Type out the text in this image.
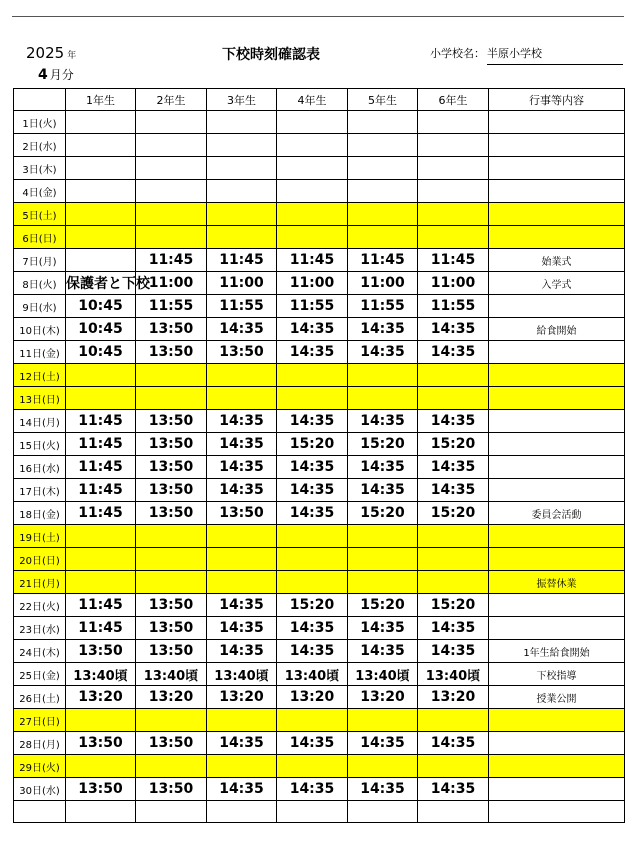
2025 年
4 月分
下校時刻確認表	小学校名： 半原小学校
	1年生	2年生	3年生	4年生	5年生	6年生	行事等内容
1日(火)							
2日(水)							
3日(木)							
4日(金)							
5日(土)							
6日(日)							
7日(月)		11:45	11:45	11:45	11:45	11:45	始業式
8日(火)	保護者と下校	11:00	11:00	11:00	11:00	11:00	入学式
9日(水)	10:45	11:55	11:55	11:55	11:55	11:55	
10日(木)	10:45	13:50	14:35	14:35	14:35	14:35	給食開始
11日(金)	10:45	13:50	13:50	14:35	14:35	14:35	
12日(土)							
13日(日)							
14日(月)	11:45	13:50	14:35	14:35	14:35	14:35	
15日(火)	11:45	13:50	14:35	15:20	15:20	15:20	
16日(水)	11:45	13:50	14:35	14:35	14:35	14:35	
17日(木)	11:45	13:50	14:35	14:35	14:35	14:35	
18日(金)	11:45	13:50	13:50	14:35	15:20	15:20	委員会活動
19日(土)							
20日(日)							
21日(月)							振替休業
22日(火)	11:45	13:50	14:35	15:20	15:20	15:20	
23日(水)	11:45	13:50	14:35	14:35	14:35	14:35	
24日(木)	13:50	13:50	14:35	14:35	14:35	14:35	1年生給食開始
25日(金)	13:40頃	13:40頃	13:40頃	13:40頃	13:40頃	13:40頃	下校指導
26日(土)	13:20	13:20	13:20	13:20	13:20	13:20	授業公開
27日(日)							
28日(月)	13:50	13:50	14:35	14:35	14:35	14:35	
29日(火)							
30日(水)	13:50	13:50	14:35	14:35	14:35	14:35	
